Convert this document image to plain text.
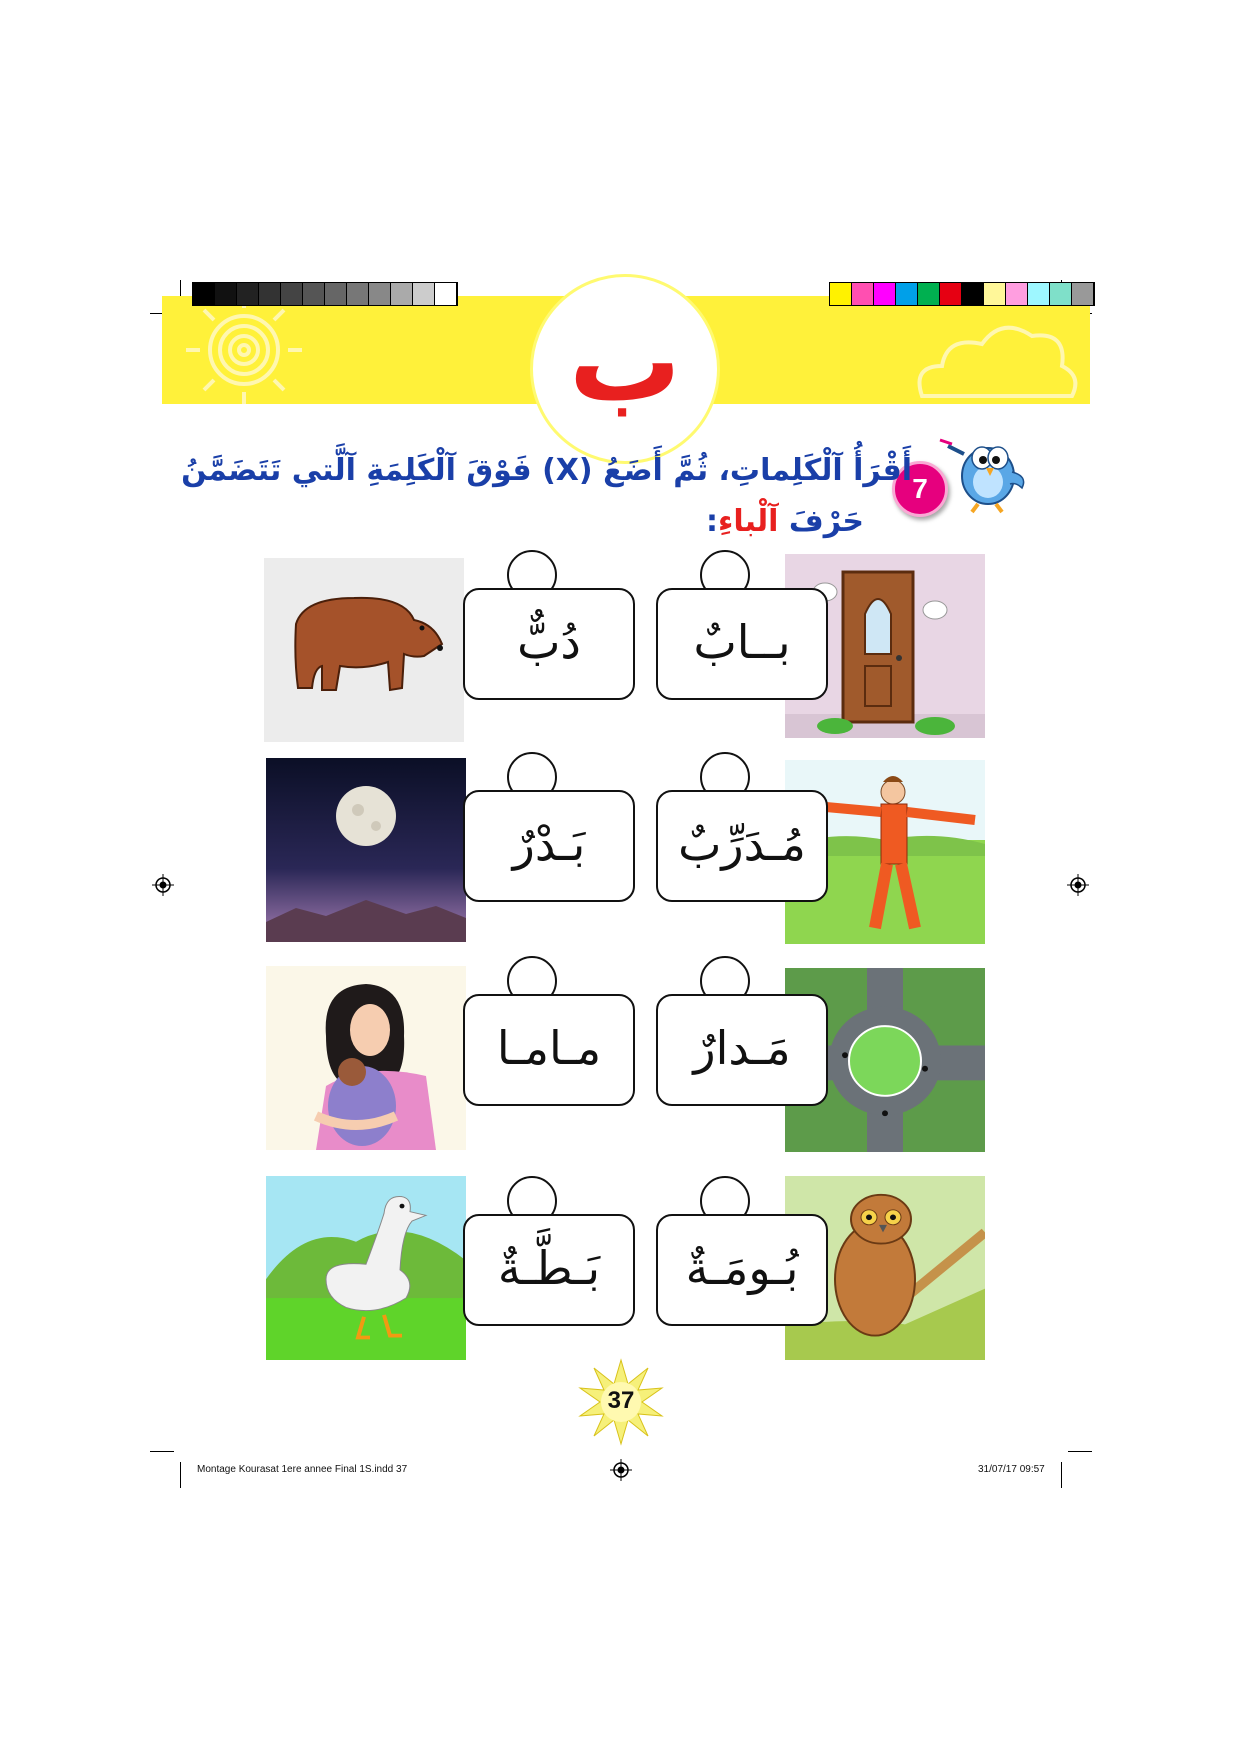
ب
7
أَقْرَأُ آلْكَلِماتِ، ثُمَّ أَضَعُ (X) فَوْقَ آلْكَلِمَةِ آلَّتي تَتَضَمَّنُ
حَرْفَ آلْباءِ:
بــابٌ
دُبٌّ
مُـدَرِّبٌ
بَـدْرٌ
مَـدارٌ
مـامـا
بُـومَـةٌ
بَـطَّـةٌ
37
Montage Kourasat 1ere annee Final 1S.indd 37	31/07/17 09:57
